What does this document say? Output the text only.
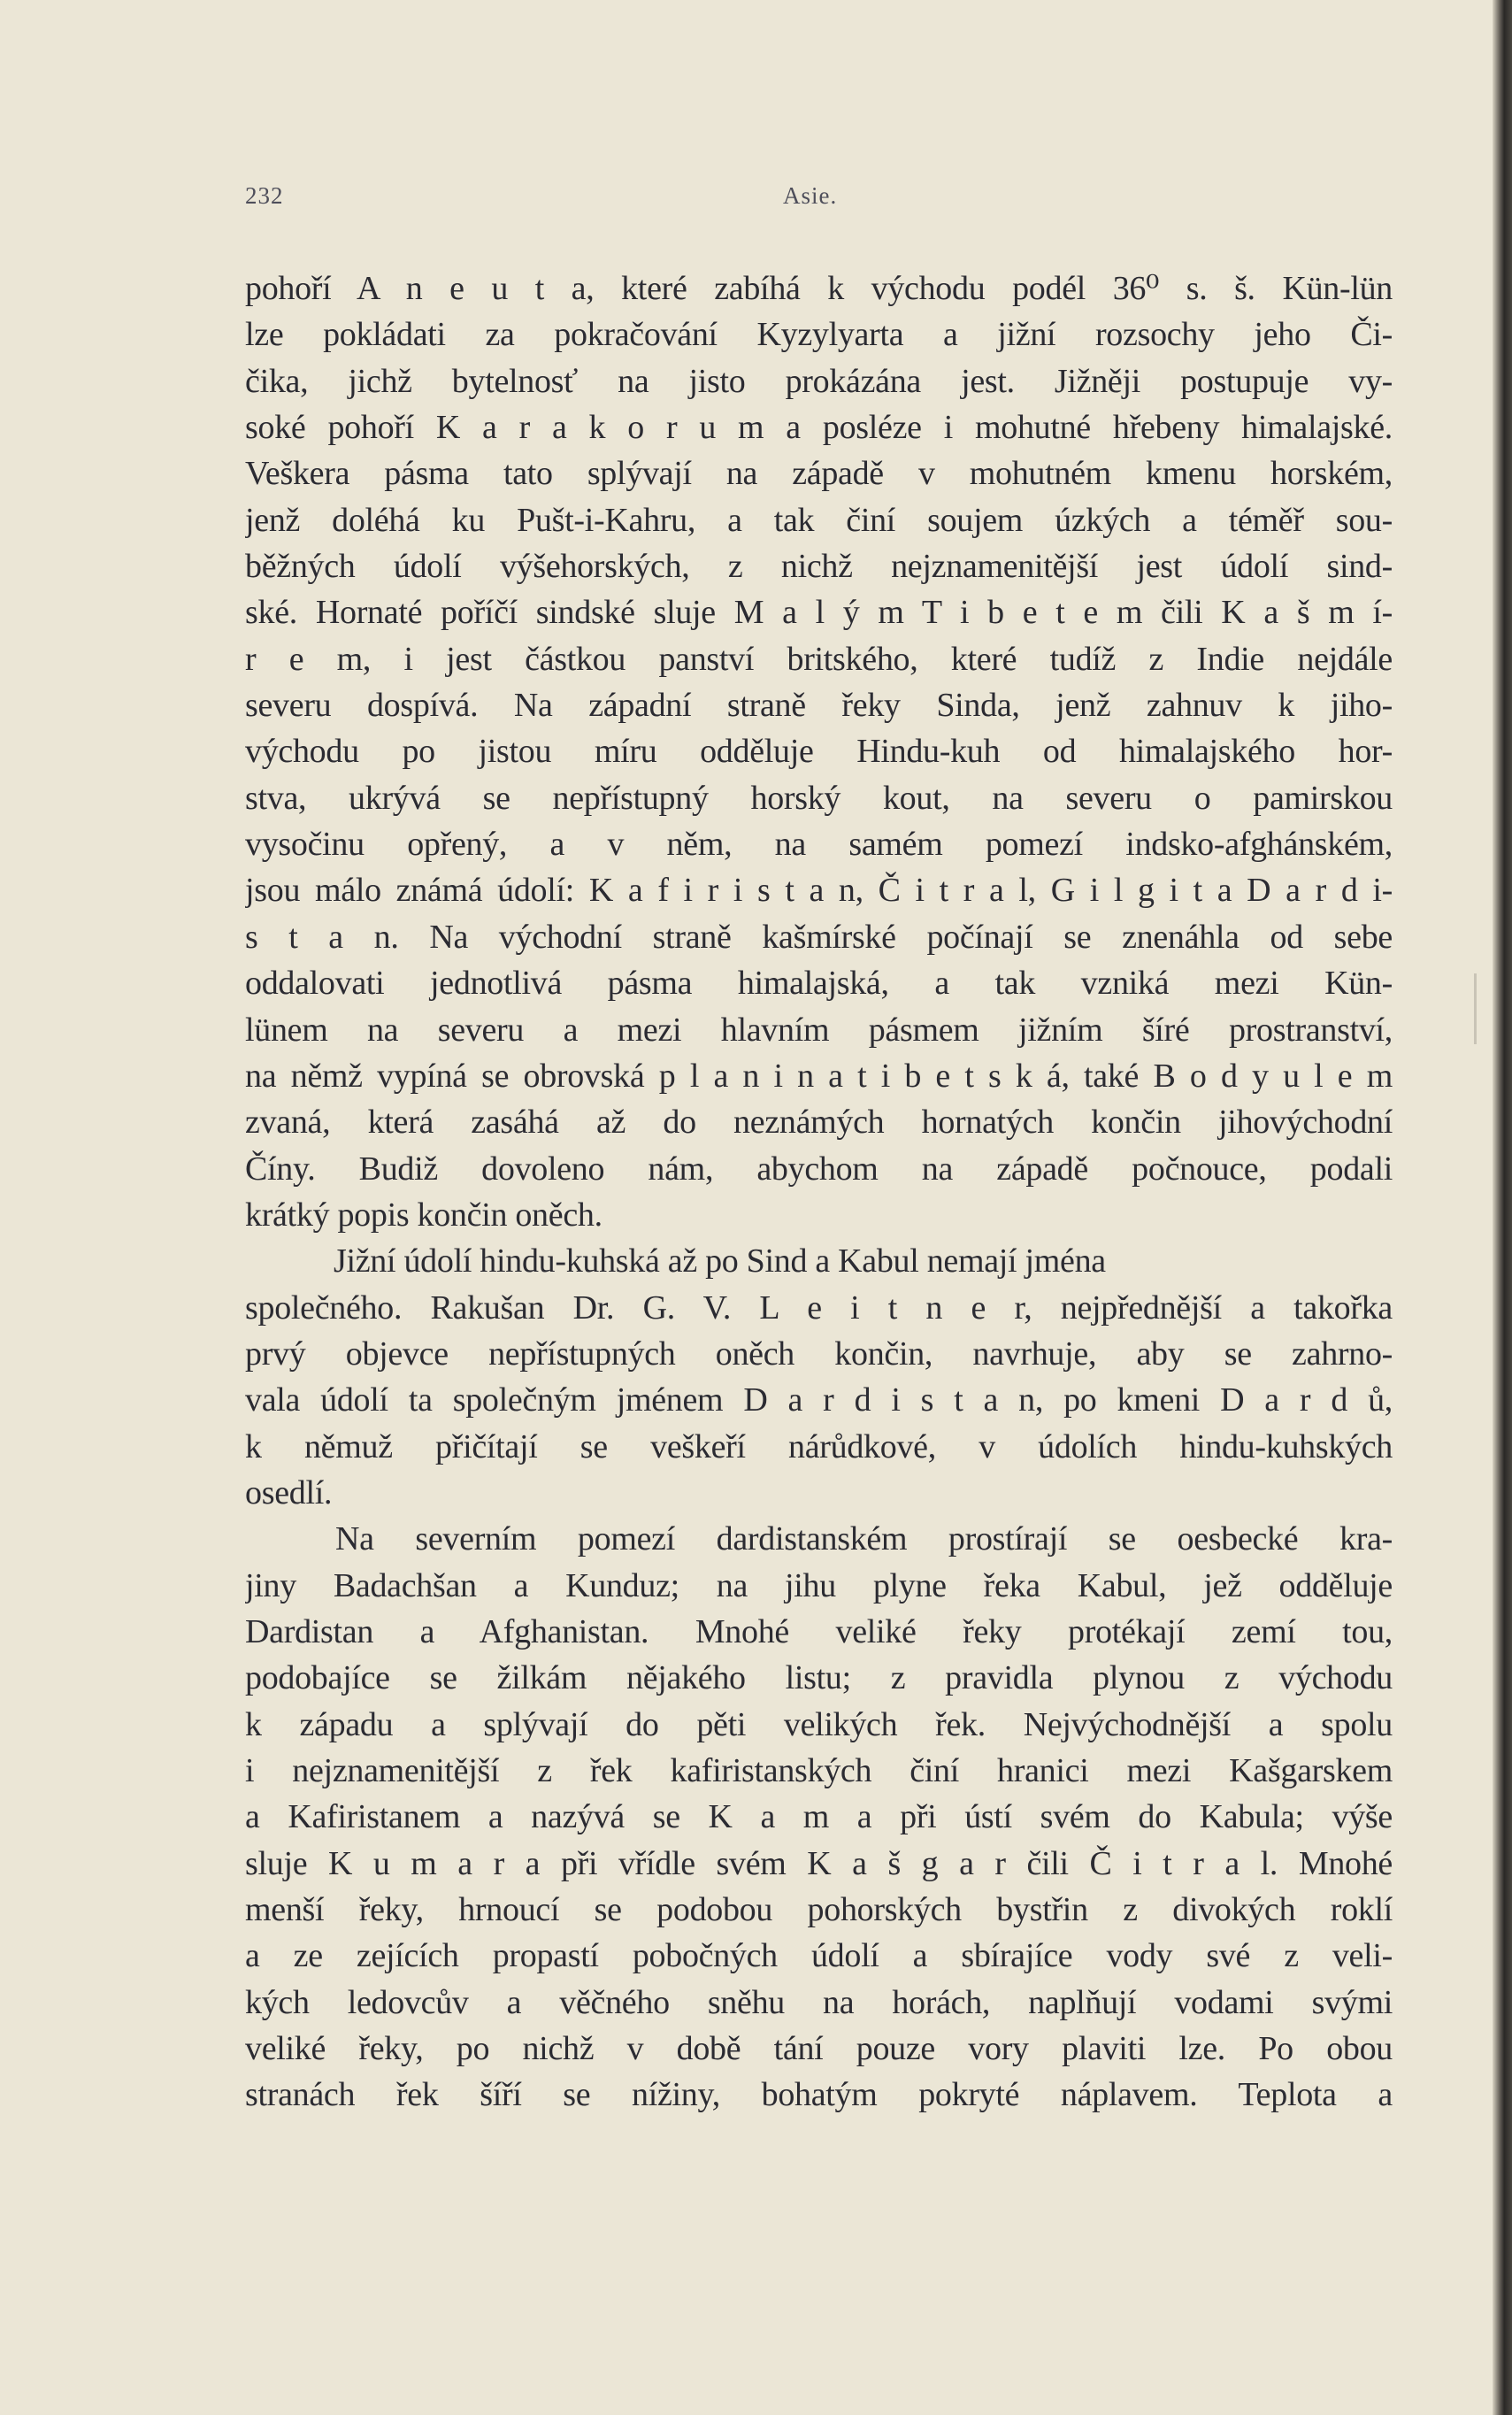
232	Asie.
pohoří A n e u t a, které zabíhá k východu podél 36⁰ s. š. Kün-lün
lze pokládati za pokračování Kyzylyarta a jižní rozsochy jeho Či-
čika, jichž bytelnosť na jisto prokázána jest. Jižněji postupuje vy-
soké pohoří K a r a k o r u m a posléze i mohutné hřebeny himalajské.
Veškera pásma tato splývají na západě v mohutném kmenu horském,
jenž doléhá ku Pušt-i-Kahru, a tak činí soujem úzkých a téměř sou-
běžných údolí výšehorských, z nichž nejznamenitější jest údolí sind-
ské. Hornaté poříčí sindské sluje M a l ý m T i b e t e m čili K a š m í-
r e m, i jest částkou panství britského, které tudíž z Indie nejdále
severu dospívá. Na západní straně řeky Sinda, jenž zahnuv k jiho-
východu po jistou míru odděluje Hindu-kuh od himalajského hor-
stva, ukrývá se nepřístupný horský kout, na severu o pamirskou
vysočinu opřený, a v něm, na samém pomezí indsko-afghánském,
jsou málo známá údolí: K a f i r i s t a n, Č i t r a l, G i l g i t a D a r d i-
s t a n. Na východní straně kašmírské počínají se znenáhla od sebe
oddalovati jednotlivá pásma himalajská, a tak vzniká mezi Kün-
lünem na severu a mezi hlavním pásmem jižním šíré prostranství,
na němž vypíná se obrovská p l a n i n a t i b e t s k á, také B o d y u l e m
zvaná, která zasáhá až do neznámých hornatých končin jihovýchodní
Číny. Budiž dovoleno nám, abychom na západě počnouce, podali
krátký popis končin oněch.
Jižní údolí hindu-kuhská až po Sind a Kabul nemají jména
společného. Rakušan Dr. G. V. L e i t n e r, nejpřednější a takořka
prvý objevce nepřístupných oněch končin, navrhuje, aby se zahrno-
vala údolí ta společným jménem D a r d i s t a n, po kmeni D a r d ů,
k němuž přičítají se veškeří nárůdkové, v údolích hindu-kuhských
osedlí.
Na severním pomezí dardistanském prostírají se oesbecké kra-
jiny Badachšan a Kunduz; na jihu plyne řeka Kabul, jež odděluje
Dardistan a Afghanistan. Mnohé veliké řeky protékají zemí tou,
podobajíce se žilkám nějakého listu; z pravidla plynou z východu
k západu a splývají do pěti velikých řek. Nejvýchodnější a spolu
i nejznamenitější z řek kafiristanských činí hranici mezi Kašgarskem
a Kafiristanem a nazývá se K a m a při ústí svém do Kabula; výše
sluje K u m a r a při vřídle svém K a š g a r čili Č i t r a l. Mnohé
menší řeky, hrnoucí se podobou pohorských bystřin z divokých roklí
a ze zejících propastí pobočných údolí a sbírajíce vody své z veli-
kých ledovcův a věčného sněhu na horách, naplňují vodami svými
veliké řeky, po nichž v době tání pouze vory plaviti lze. Po obou
stranách řek šíří se nížiny, bohatým pokryté náplavem. Teplota a
